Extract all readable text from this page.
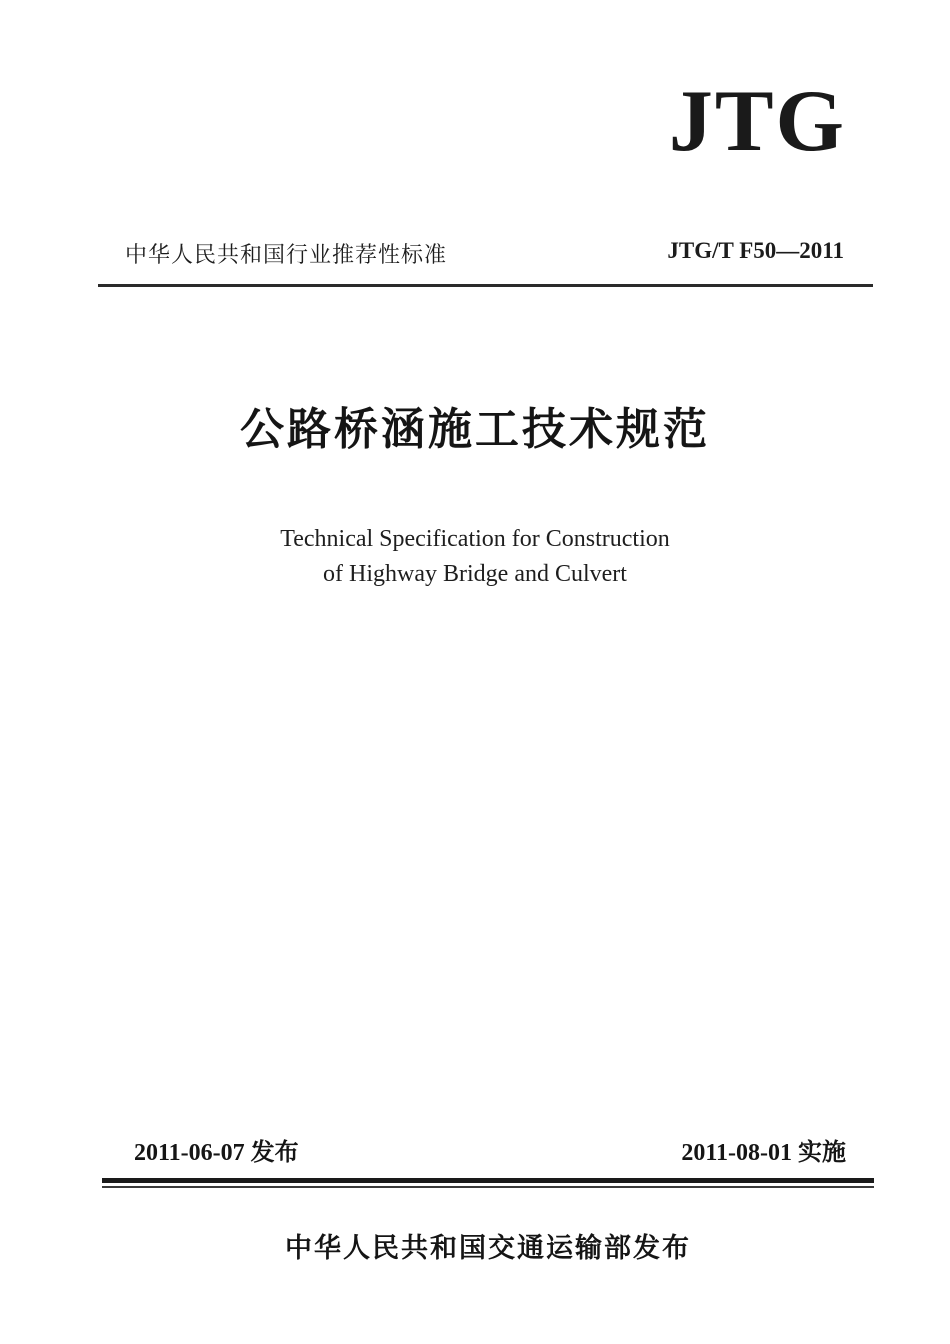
JTG
中华人民共和国行业推荐性标准	JTG/T F50—2011
公路桥涵施工技术规范
Technical Specification for Construction
of Highway Bridge and Culvert
2011-06-07 发布	2011-08-01 实施
中华人民共和国交通运输部发布
